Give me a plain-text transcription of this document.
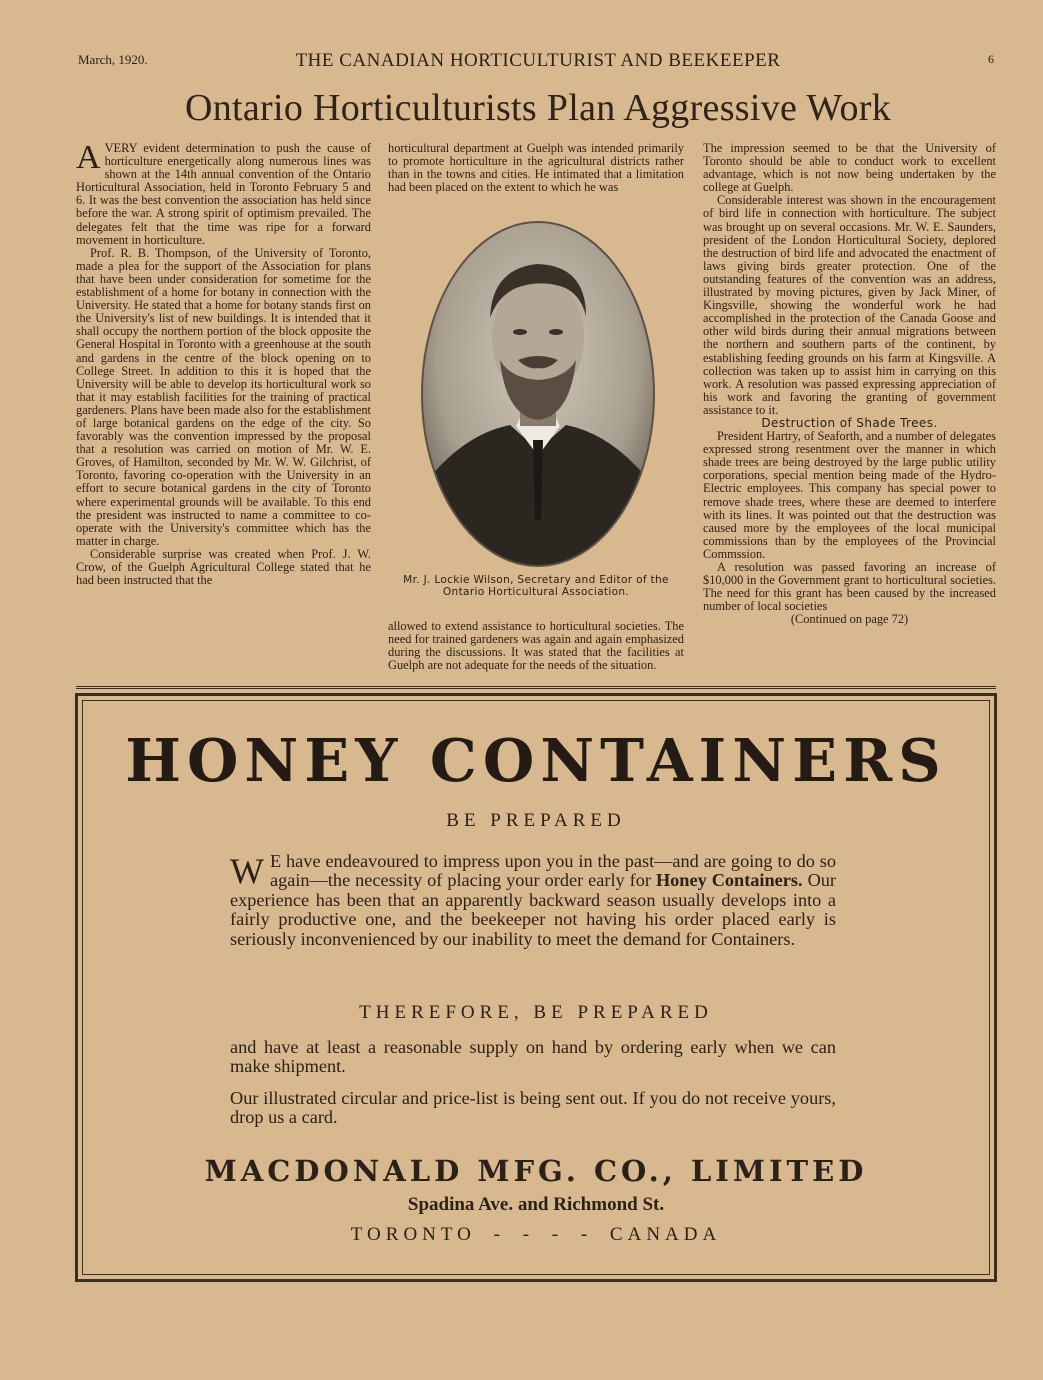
March, 1920.	THE CANADIAN HORTICULTURIST AND BEEKEEPER	6
Ontario Horticulturists Plan Aggressive Work

AVERY evident determination to push the cause of horticulture energetically along numerous lines was shown at the 14th annual convention of the Ontario Horticultural Association, held in Toronto February 5 and 6. It was the best convention the association has held since before the war. A strong spirit of optimism prevailed. The delegates felt that the time was ripe for a forward movement in horticulture.

Prof. R. B. Thompson, of the University of Toronto, made a plea for the support of the Association for plans that have been under consideration for sometime for the establishment of a home for botany in connection with the University. He stated that a home for botany stands first on the University's list of new buildings. It is intended that it shall occupy the northern portion of the block opposite the General Hospital in Toronto with a greenhouse at the south and gardens in the centre of the block opening on to College Street. In addition to this it is hoped that the University will be able to develop its horticultural work so that it may establish facilities for the training of practical gardeners. Plans have been made also for the establishment of large botanical gardens on the edge of the city. So favorably was the convention impressed by the proposal that a resolution was carried on motion of Mr. W. E. Groves, of Hamilton, seconded by Mr. W. W. Gilchrist, of Toronto, favoring co-operation with the University in an effort to secure botanical gardens in the city of Toronto where experimental grounds will be available. To this end the president was instructed to name a committee to co-operate with the University's committee which has the matter in charge.

Considerable surprise was created when Prof. J. W. Crow, of the Guelph Agricultural College stated that he had been instructed that the

horticultural department at Guelph was intended primarily to promote horticulture in the agricultural districts rather than in the towns and cities. He intimated that a limitation had been placed on the extent to which he was

Mr. J. Lockie Wilson, Secretary and Editor of the Ontario Horticultural Association.

allowed to extend assistance to horticultural societies. The need for trained gardeners was again and again emphasized during the discussions. It was stated that the facilities at Guelph are not adequate for the needs of the situation.

The impression seemed to be that the University of Toronto should be able to conduct work to excellent advantage, which is not now being undertaken by the college at Guelph.

Considerable interest was shown in the encouragement of bird life in connection with horticulture. The subject was brought up on several occasions. Mr. W. E. Saunders, president of the London Horticultural Society, deplored the destruction of bird life and advocated the enactment of laws giving birds greater protection. One of the outstanding features of the convention was an address, illustrated by moving pictures, given by Jack Miner, of Kingsville, showing the wonderful work he had accomplished in the protection of the Canada Goose and other wild birds during their annual migrations between the northern and southern parts of the continent, by establishing feeding grounds on his farm at Kingsville. A collection was taken up to assist him in carrying on this work. A resolution was passed expressing appreciation of his work and favoring the granting of government assistance to it.

Destruction of Shade Trees.

President Hartry, of Seaforth, and a number of delegates expressed strong resentment over the manner in which shade trees are being destroyed by the large public utility corporations, special mention being made of the Hydro-Electric employees. This company has special power to remove shade trees, where these are deemed to interfere with its lines. It was pointed out that the destruction was caused more by the employees of the local municipal commissions than by the employees of the Provincial Commssion.

A resolution was passed favoring an increase of $10,000 in the Government grant to horticultural societies. The need for this grant has been caused by the increased number of local societies

(Continued on page 72)

HONEY CONTAINERS
BE PREPARED
W E have endeavoured to impress upon you in the past—and are going to do so again—the necessity of placing your order early for Honey Containers. Our experience has been that an apparently backward season usually develops into a fairly productive one, and the beekeeper not having his order placed early is seriously inconvenienced by our inability to meet the demand for Containers.
THEREFORE, BE PREPARED
and have at least a reasonable supply on hand by ordering early when we can make shipment.
Our illustrated circular and price-list is being sent out. If you do not receive yours, drop us a card.
MACDONALD MFG. CO., LIMITED
Spadina Ave. and Richmond St.
TORONTO - - - - CANADA
